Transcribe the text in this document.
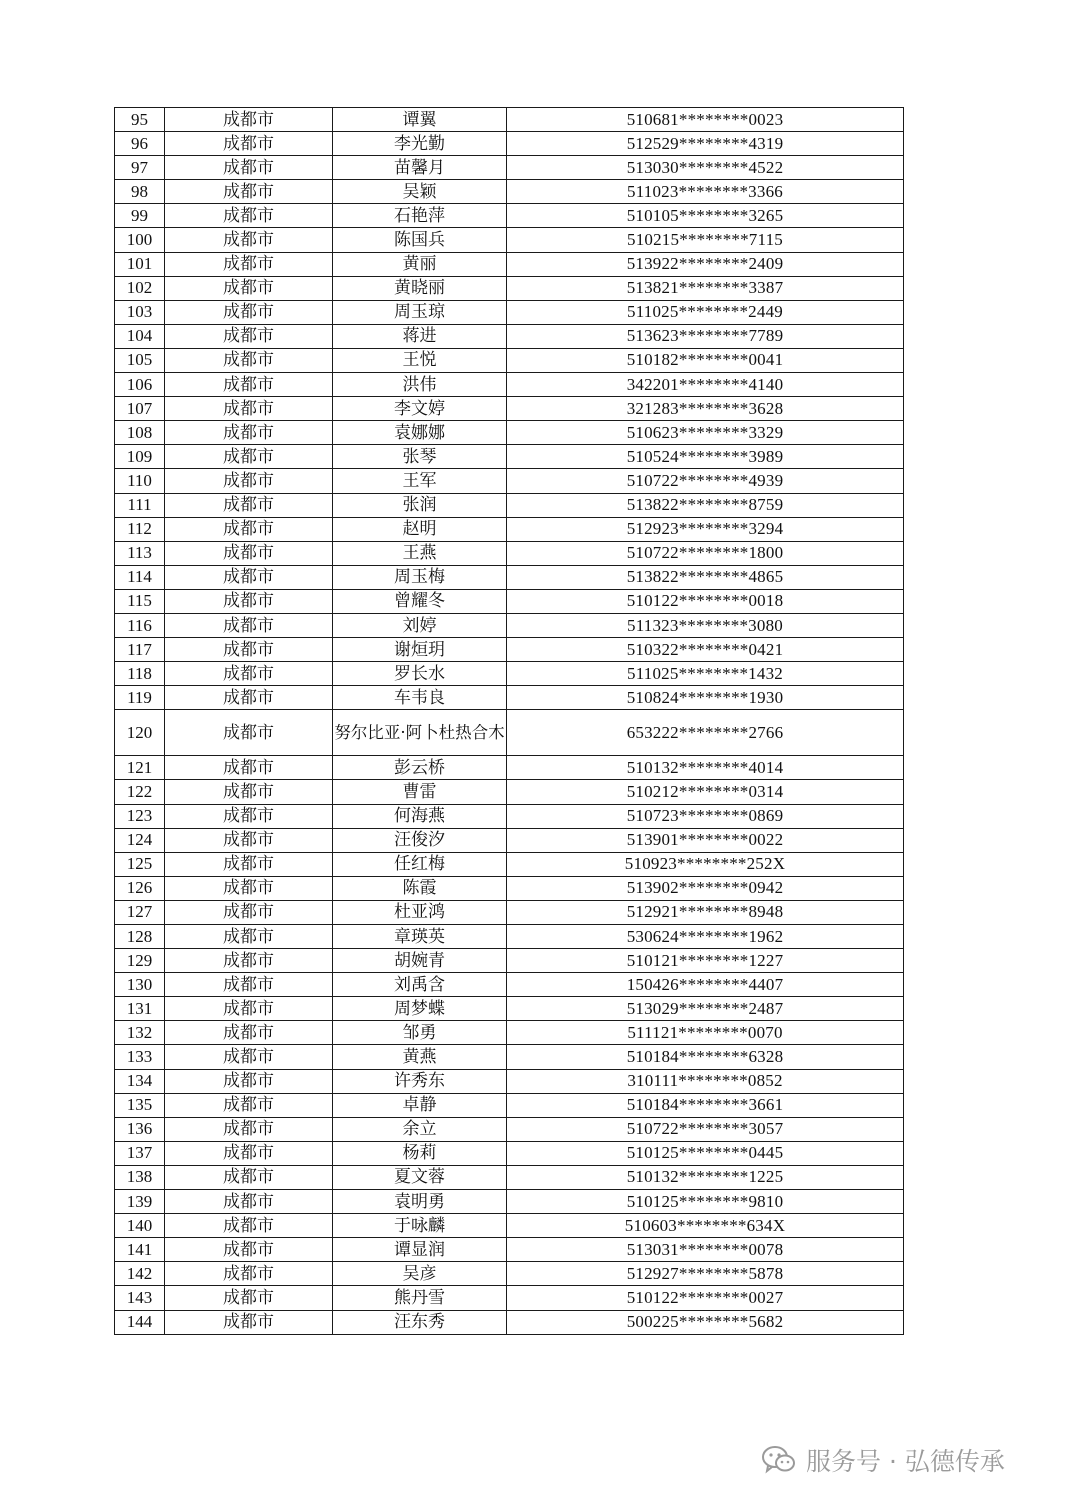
95	成都市	谭翼	510681********0023
96	成都市	李光勤	512529********4319
97	成都市	苗馨月	513030********4522
98	成都市	吴颖	511023********3366
99	成都市	石艳萍	510105********3265
100	成都市	陈国兵	510215********7115
101	成都市	黄丽	513922********2409
102	成都市	黄晓丽	513821********3387
103	成都市	周玉琼	511025********2449
104	成都市	蒋进	513623********7789
105	成都市	王悦	510182********0041
106	成都市	洪伟	342201********4140
107	成都市	李文婷	321283********3628
108	成都市	袁娜娜	510623********3329
109	成都市	张琴	510524********3989
110	成都市	王军	510722********4939
111	成都市	张润	513822********8759
112	成都市	赵明	512923********3294
113	成都市	王燕	510722********1800
114	成都市	周玉梅	513822********4865
115	成都市	曾耀冬	510122********0018
116	成都市	刘婷	511323********3080
117	成都市	谢烜玥	510322********0421
118	成都市	罗长水	511025********1432
119	成都市	车韦良	510824********1930
120	成都市	努尔比亚·阿卜杜热合木	653222********2766
121	成都市	彭云桥	510132********4014
122	成都市	曹雷	510212********0314
123	成都市	何海燕	510723********0869
124	成都市	汪俊汐	513901********0022
125	成都市	任红梅	510923********252X
126	成都市	陈霞	513902********0942
127	成都市	杜亚鸿	512921********8948
128	成都市	章瑛英	530624********1962
129	成都市	胡婉青	510121********1227
130	成都市	刘禹含	150426********4407
131	成都市	周梦蝶	513029********2487
132	成都市	邹勇	511121********0070
133	成都市	黄燕	510184********6328
134	成都市	许秀东	310111********0852
135	成都市	卓静	510184********3661
136	成都市	余立	510722********3057
137	成都市	杨莉	510125********0445
138	成都市	夏文蓉	510132********1225
139	成都市	袁明勇	510125********9810
140	成都市	于咏麟	510603********634X
141	成都市	谭显润	513031********0078
142	成都市	吴彦	512927********5878
143	成都市	熊丹雪	510122********0027
144	成都市	汪东秀	500225********5682
服务号 · 弘德传承
